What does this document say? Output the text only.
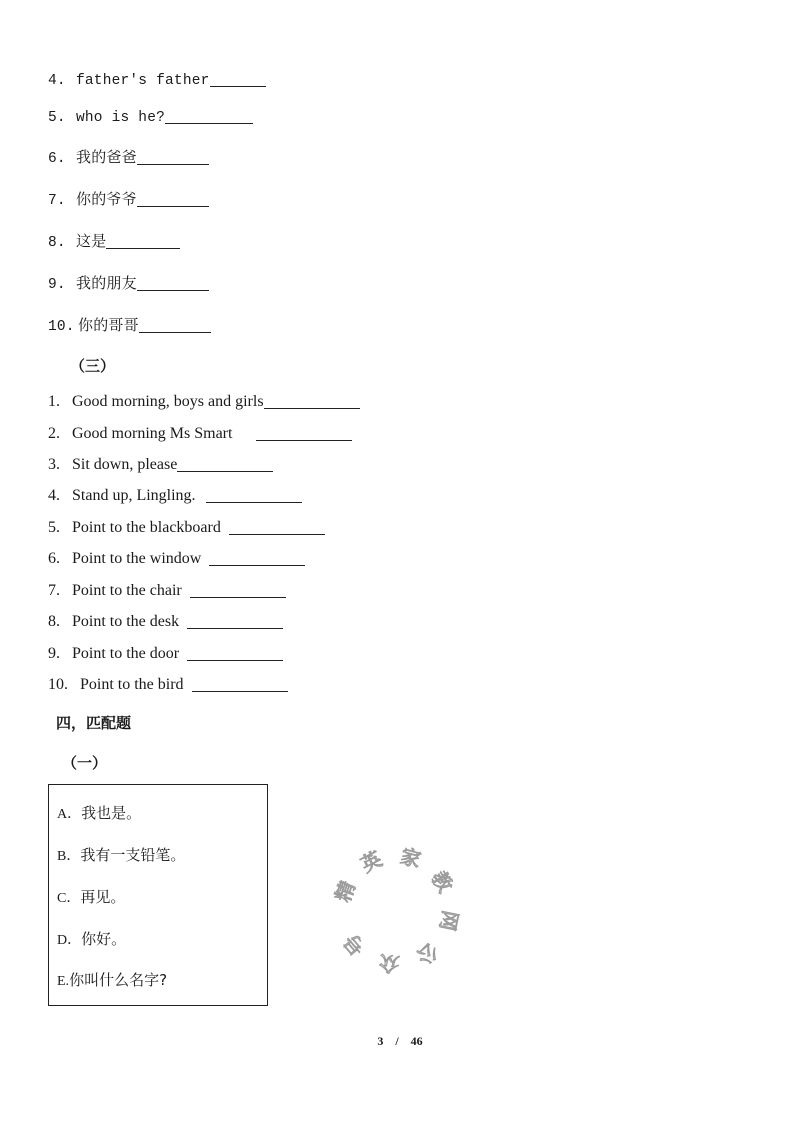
4. father's father
5. who is he?
6. 我的爸爸
7. 你的爷爷
8. 这是
9. 我的朋友
10. 你的哥哥
（三）
1. Good morning, boys and girls
2. Good morning Ms Smart
3. Sit down, please
4. Stand up, Lingling.
5. Point to the blackboard
6. Point to the window
7. Point to the chair
8. Point to the desk
9. Point to the door
10. Point to the bird
四，匹配题
（一）
A．我也是。
B．我有一支铅笔。
C．再见。
D．你好。
E.你叫什么名字?
精
英 家
教
网
公
众
号
3 / 46
